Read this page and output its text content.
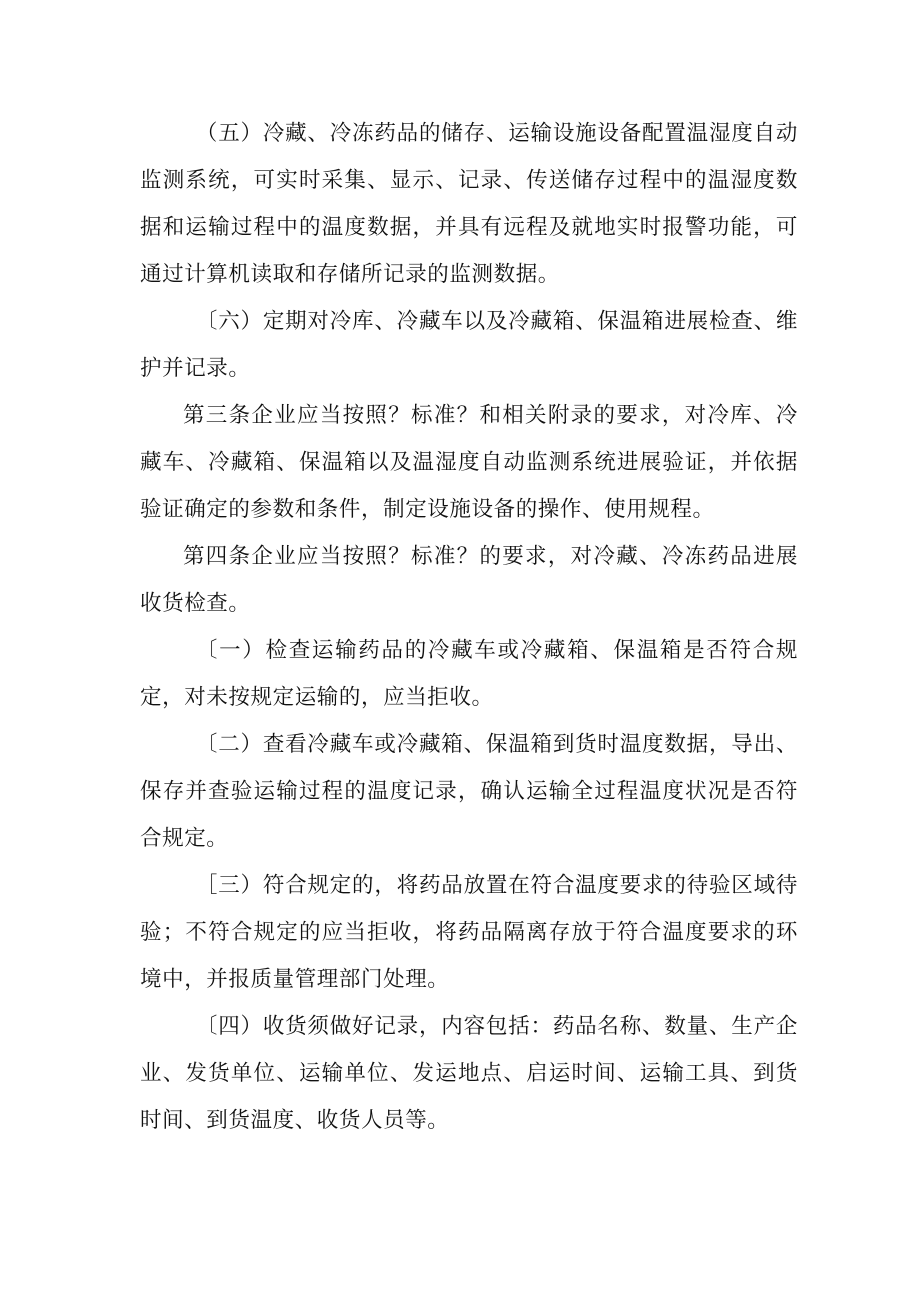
（五）冷藏、冷冻药品的储存、运输设施设备配置温湿度自动监测系统，可实时采集、显示、记录、传送储存过程中的温湿度数据和运输过程中的温度数据，并具有远程及就地实时报警功能，可通过计算机读取和存储所记录的监测数据。

〔六）定期对冷库、冷藏车以及冷藏箱、保温箱进展检查、维护并记录。

第三条企业应当按照？标准？和相关附录的要求，对冷库、冷藏车、冷藏箱、保温箱以及温湿度自动监测系统进展验证，并依据验证确定的参数和条件，制定设施设备的操作、使用规程。

第四条企业应当按照？标准？的要求，对冷藏、冷冻药品进展收货检查。

〔一）检查运输药品的冷藏车或冷藏箱、保温箱是否符合规定，对未按规定运输的，应当拒收。

〔二）查看冷藏车或冷藏箱、保温箱到货时温度数据，导出、保存并查验运输过程的温度记录，确认运输全过程温度状况是否符合规定。

［三）符合规定的，将药品放置在符合温度要求的待验区域待验；不符合规定的应当拒收，将药品隔离存放于符合温度要求的环境中，并报质量管理部门处理。

〔四）收货须做好记录，内容包括：药品名称、数量、生产企业、发货单位、运输单位、发运地点、启运时间、运输工具、到货时间、到货温度、收货人员等。
